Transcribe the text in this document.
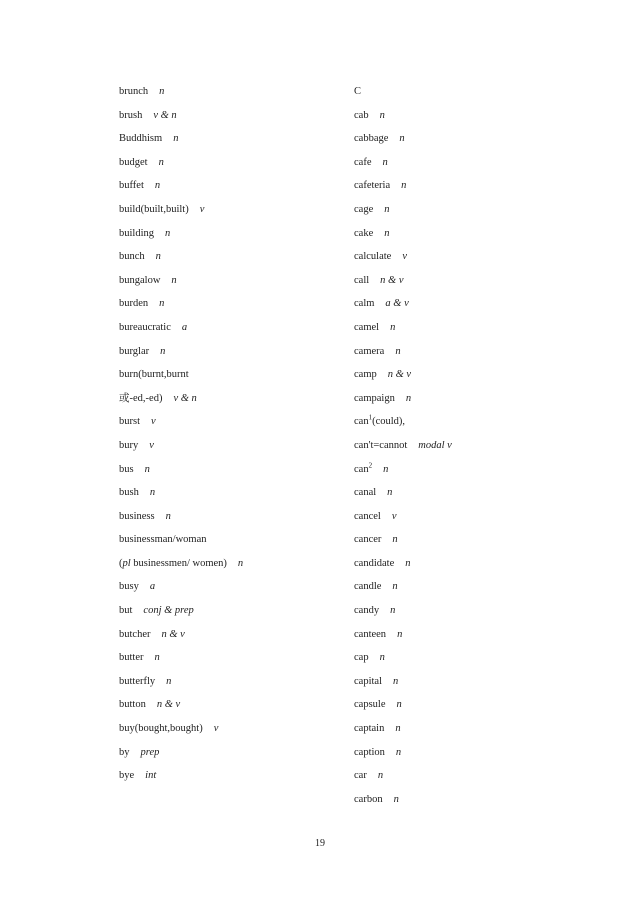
brunch n
brush v & n
Buddhism n
budget n
buffet n
build(built,built) v
building n
bunch n
bungalow n
burden n
bureaucratic a
burglar n
burn(burnt,burnt
或-ed,-ed) v & n
burst v
bury v
bus n
bush n
business n
businessman/woman
(pl businessmen/ women) n
busy a
but conj & prep
butcher n & v
butter n
butterfly n
button n & v
buy(bought,bought) v
by prep
bye int
C
cab n
cabbage n
cafe n
cafeteria n
cage n
cake n
calculate v
call n & v
calm a & v
camel n
camera n
camp n & v
campaign n
can$^1$(could),
can't=cannot modal v
can$^2$ n
canal n
cancel v
cancer n
candidate n
candle n
candy n
canteen n
cap n
capital n
capsule n
captain n
caption n
car n
carbon n
19
